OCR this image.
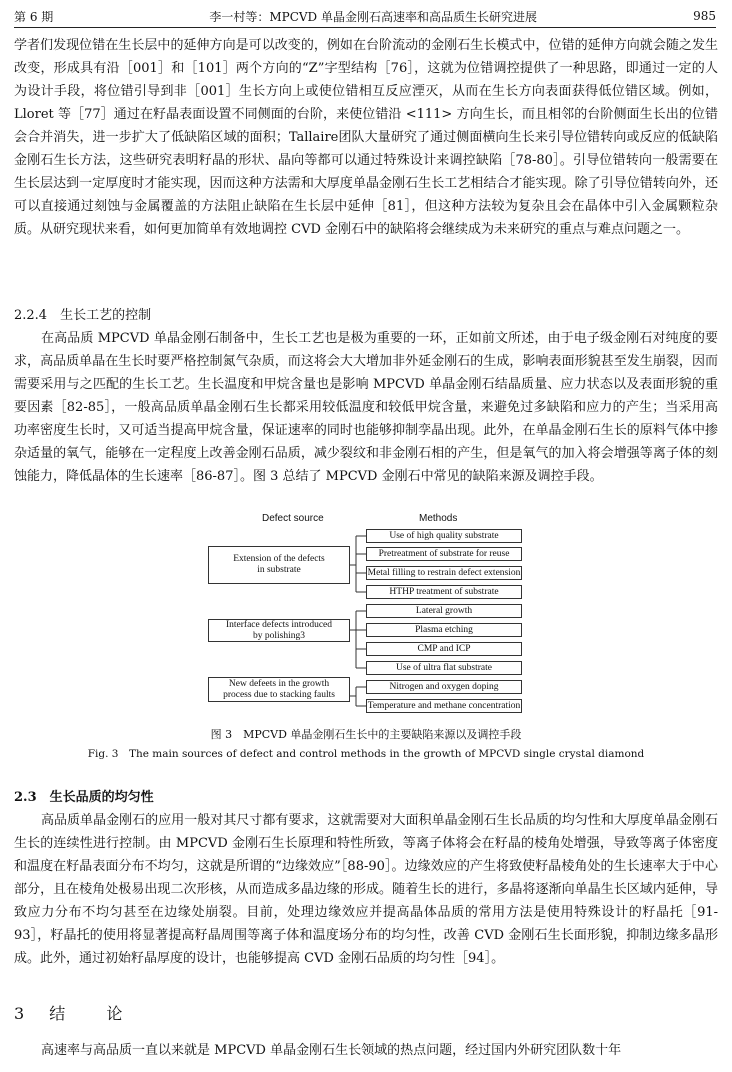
第 6 期	李一村等：MPCVD 单晶金刚石高速率和高品质生长研究进展	985

学者们发现位错在生长层中的延伸方向是可以改变的，例如在台阶流动的金刚石生长模式中，位错的延伸方向就会随之发生改变，形成具有沿［001］和［101］两个方向的“Z”字型结构［76］，这就为位错调控提供了一种思路，即通过一定的人为设计手段，将位错引导到非［001］生长方向上或使位错相互反应湮灭，从而在生长方向表面获得低位错区域。例如，Lloret 等［77］通过在籽晶表面设置不同侧面的台阶，来使位错沿 <111> 方向生长，而且相邻的台阶侧面生长出的位错会合并消失，进一步扩大了低缺陷区域的面积；Tallaire团队大量研究了通过侧面横向生长来引导位错转向或反应的低缺陷金刚石生长方法，这些研究表明籽晶的形状、晶向等都可以通过特殊设计来调控缺陷［78-80］。引导位错转向一般需要在生长层达到一定厚度时才能实现，因而这种方法需和大厚度单晶金刚石生长工艺相结合才能实现。除了引导位错转向外，还可以直接通过刻蚀与金属覆盖的方法阻止缺陷在生长层中延伸［81］，但这种方法较为复杂且会在晶体中引入金属颗粒杂质。从研究现状来看，如何更加简单有效地调控 CVD 金刚石中的缺陷将会继续成为未来研究的重点与难点问题之一。

2.2.4　生长工艺的控制

在高品质 MPCVD 单晶金刚石制备中，生长工艺也是极为重要的一环，正如前文所述，由于电子级金刚石对纯度的要求，高品质单晶在生长时要严格控制氮气杂质，而这将会大大增加非外延金刚石的生成，影响表面形貌甚至发生崩裂，因而需要采用与之匹配的生长工艺。生长温度和甲烷含量也是影响 MPCVD 单晶金刚石结晶质量、应力状态以及表面形貌的重要因素［82-85］，一般高品质单晶金刚石生长都采用较低温度和较低甲烷含量，来避免过多缺陷和应力的产生；当采用高功率密度生长时，又可适当提高甲烷含量，保证速率的同时也能够抑制孪晶出现。此外，在单晶金刚石生长的原料气体中掺杂适量的氧气，能够在一定程度上改善金刚石品质，减少裂纹和非金刚石相的产生，但是氧气的加入将会增强等离子体的刻蚀能力，降低晶体的生长速率［86-87］。图 3 总结了 MPCVD 金刚石中常见的缺陷来源及调控手段。

Defect source	Methods
Extension of the defects
in substrate
Interface defects introduced
by polishing3
New defeets in the growth
process due to stacking faults
Use of high quality substrate
Pretreatment of substrate for reuse
Metal filling to restrain defect extension
HTHP treatment of substrate
Lateral growth
Plasma etching
CMP and ICP
Use of ultra flat substrate
Nitrogen and oxygen doping
Temperature and methane concentration
图 3　MPCVD 单晶金刚石生长中的主要缺陷来源以及调控手段
Fig. 3　The main sources of defect and control methods in the growth of MPCVD single crystal diamond
2.3　生长品质的均匀性

高品质单晶金刚石的应用一般对其尺寸都有要求，这就需要对大面积单晶金刚石生长品质的均匀性和大厚度单晶金刚石生长的连续性进行控制。由 MPCVD 金刚石生长原理和特性所致，等离子体将会在籽晶的棱角处增强，导致等离子体密度和温度在籽晶表面分布不均匀，这就是所谓的“边缘效应”［88-90］。边缘效应的产生将致使籽晶棱角处的生长速率大于中心部分，且在棱角处极易出现二次形核，从而造成多晶边缘的形成。随着生长的进行，多晶将逐渐向单晶生长区域内延伸，导致应力分布不均匀甚至在边缘处崩裂。目前，处理边缘效应并提高晶体品质的常用方法是使用特殊设计的籽晶托［91-93］，籽晶托的使用将显著提高籽晶周围等离子体和温度场分布的均匀性，改善 CVD 金刚石生长面形貌，抑制边缘多晶形成。此外，通过初始籽晶厚度的设计，也能够提高 CVD 金刚石品质的均匀性［94］。

3 结	论

高速率与高品质一直以来就是 MPCVD 单晶金刚石生长领域的热点问题，经过国内外研究团队数十年
